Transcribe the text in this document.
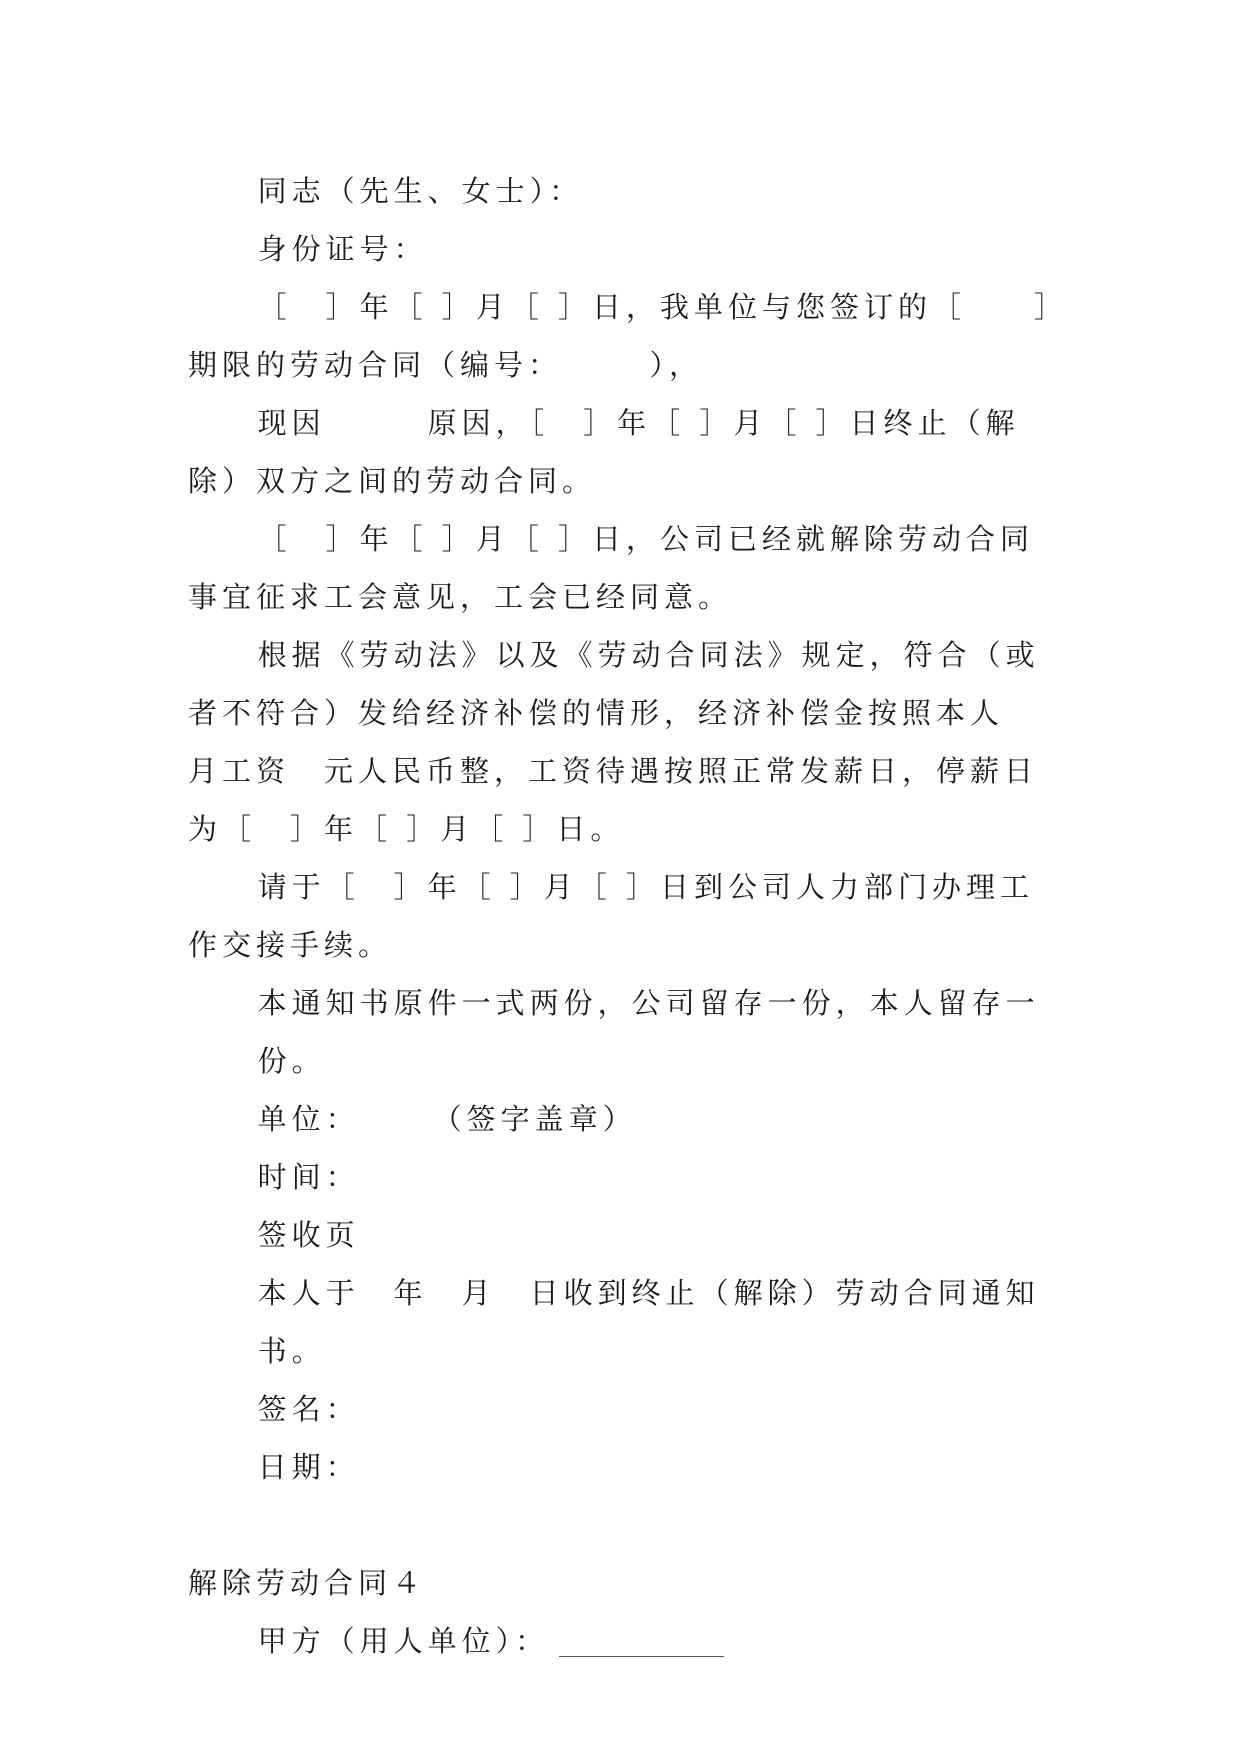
同志（先生、女士）：

身份证号：

［　］年［ ］月［ ］日，我单位与您签订的［　　］期限的劳动合同（编号：　　　），

现因　　　原因，［　］年［ ］月［ ］日终止（解除）双方之间的劳动合同。

［　］年［ ］月［ ］日，公司已经就解除劳动合同事宜征求工会意见，工会已经同意。

根据《劳动法》以及《劳动合同法》规定，符合（或者不符合）发给经济补偿的情形，经济补偿金按照本人　月工资　元人民币整，工资待遇按照正常发薪日，停薪日为［　］年［ ］月［ ］日。

请于［　］年［ ］月［ ］日到公司人力部门办理工作交接手续。

本通知书原件一式两份，公司留存一份，本人留存一份。

单位：　　　（签字盖章）

时间：

签收页

本人于　年　月　日收到终止（解除）劳动合同通知书。

签名：

日期：

解除劳动合同４

甲方（用人单位）：
